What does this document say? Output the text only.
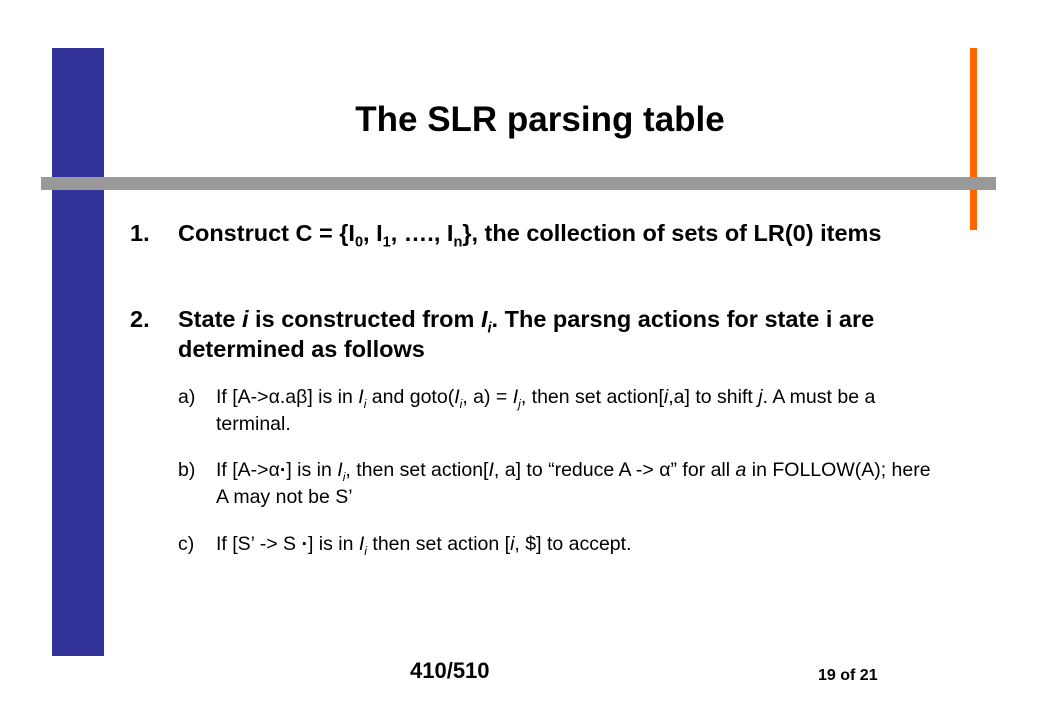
The SLR parsing table
1. Construct $C = \{I_0$, $I_1$, …., $I_n$}, the collection of sets of LR(0) items
2. State i is constructed from $I_i$. The parsng actions for state i are determined as follows
a) If [A->α.aβ] is in $I_i$ and $goto(I_i$, $a) = I_j$, then set action[i,a] to shift j. A must be a terminal.
b) If [A->α·] is in $I_i$, then set action[I, a] to “reduce A -> α” for all a in FOLLOW(A); here A may not be S’
c) If [S’ -> S ·] is in $I_i$ then set action [i, $] to accept.
410/510	19 of 21
